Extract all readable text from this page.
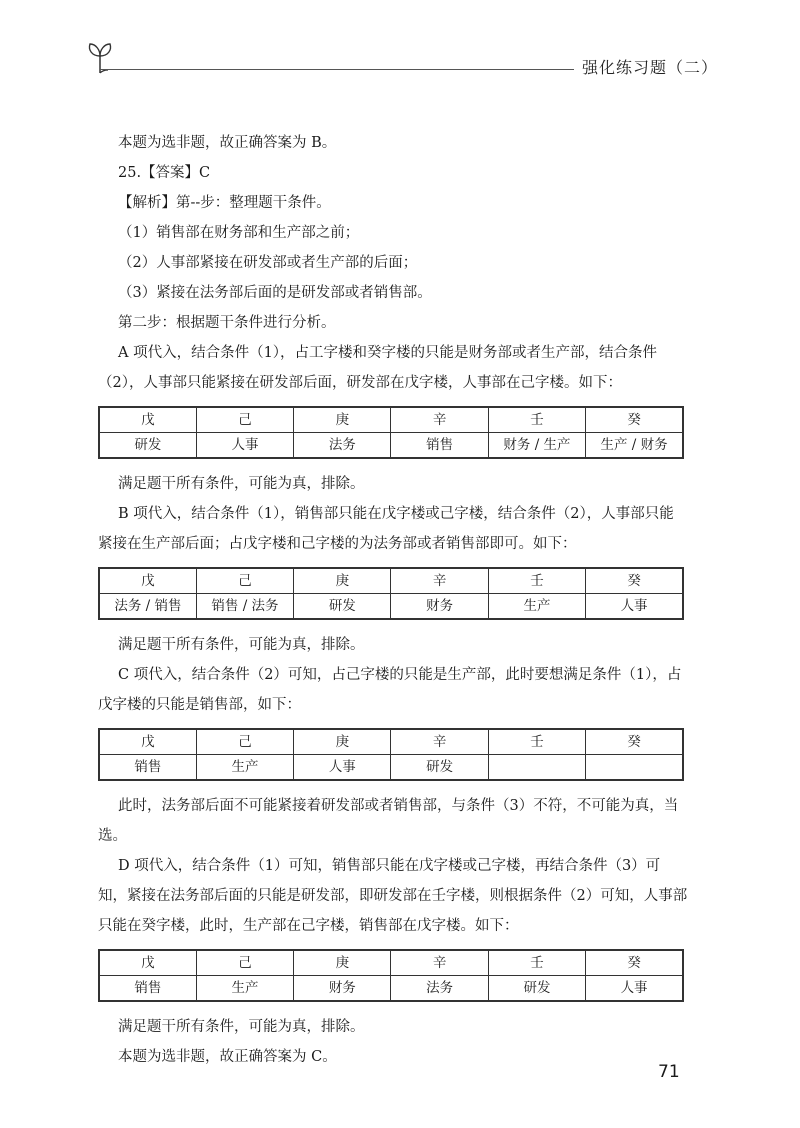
强化练习题（二）

本题为选非题，故正确答案为 B。

25.【答案】C

【解析】第--步：整理题干条件。

（1）销售部在财务部和生产部之前；

（2）人事部紧接在研发部或者生产部的后面；

（3）紧接在法务部后面的是研发部或者销售部。

第二步：根据题干条件进行分析。

A 项代入，结合条件（1），占工字楼和癸字楼的只能是财务部或者生产部，结合条件（2），人事部只能紧接在研发部后面，研发部在戊字楼，人事部在己字楼。如下：

戊	己	庚	辛	壬	癸
研发	人事	法务	销售	财务 / 生产	生产 / 财务

满足题干所有条件，可能为真，排除。

B 项代入，结合条件（1），销售部只能在戊字楼或己字楼，结合条件（2），人事部只能紧接在生产部后面；占戊字楼和己字楼的为法务部或者销售部即可。如下：

戊	己	庚	辛	壬	癸
法务 / 销售	销售 / 法务	研发	财务	生产	人事

满足题干所有条件，可能为真，排除。

C 项代入，结合条件（2）可知，占己字楼的只能是生产部，此时要想满足条件（1），占戊字楼的只能是销售部，如下：

戊	己	庚	辛	壬	癸
销售	生产	人事	研发		

此时，法务部后面不可能紧接着研发部或者销售部，与条件（3）不符，不可能为真，当选。

D 项代入，结合条件（1）可知，销售部只能在戊字楼或己字楼，再结合条件（3）可知，紧接在法务部后面的只能是研发部，即研发部在壬字楼，则根据条件（2）可知，人事部只能在癸字楼，此时，生产部在己字楼，销售部在戊字楼。如下：

戊	己	庚	辛	壬	癸
销售	生产	财务	法务	研发	人事

满足题干所有条件，可能为真，排除。

本题为选非题，故正确答案为 C。

71
